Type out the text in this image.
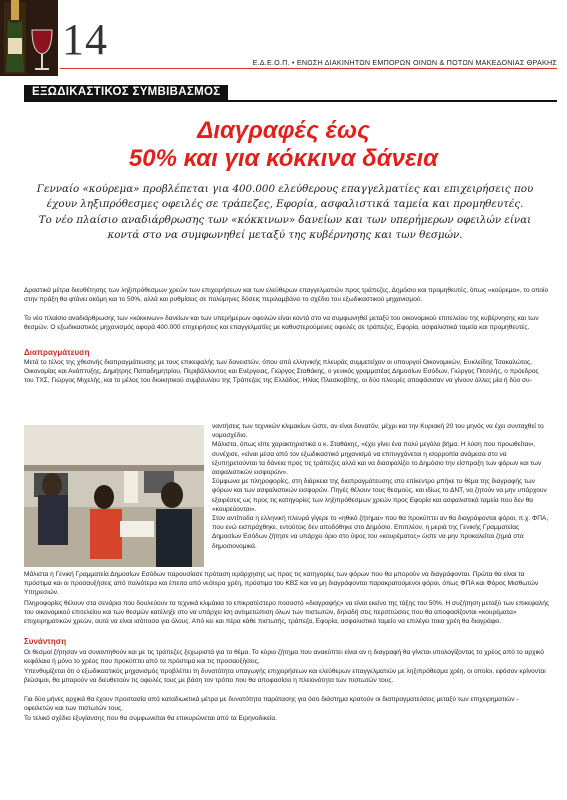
14	Ε.Δ.Ε.Ο.Π. • ΕΝΩΣΗ ΔΙΑΚΙΝΗΤΩΝ ΕΜΠΟΡΩΝ ΟΙΝΩΝ & ΠΟΤΩΝ ΜΑΚΕΔΟΝΙΑΣ ΘΡΑΚΗΣ
ΕΞΩΔΙΚΑΣΤΙΚΟΣ ΣΥΜΒΙΒΑΣΜΟΣ
Διαγραφές έως
50% και για κόκκινα δάνεια
Γενναίο «κούρεμα» προβλέπεται για 400.000 ελεύθερους επαγγελματίες και επιχειρήσεις που έχουν ληξιπρόθεσμες οφειλές σε τράπεζες, Εφορία, ασφαλιστικά ταμεία και προμηθευτές.
Το νέο πλαίσιο αναδιάρθρωσης των «κόκκινων» δανείων και των υπερήμερων οφειλών είναι κοντά στο να συμφωνηθεί μεταξύ της κυβέρνησης και των θεσμών.
Δραστικά μέτρα διευθέτησης των ληξιπρόθεσμων χρεών των επιχειρήσεων και των ελεύθερων επαγγελματιών προς τράπεζες, Δημόσιο και προμηθευτές, όπως «κούρεμα», το οποίο στην πράξη θα φτάνει ακόμη και το 50%, αλλά και ρυθμίσεις σε πολύμηνες δόσεις περιλαμβάνει το σχέδιο του εξωδικαστικού μηχανισμού.
Το νέο πλαίσιο αναδιάρθρωσης των «κόκκινων» δανείων και των υπερήμερων οφειλών είναι κοντά στο να συμφωνηθεί μεταξύ του οικονομικού επιτελείου της κυβέρνησης και των θεσμών. Ο εξωδικαστικός μηχανισμός αφορά 400.000 επιχειρήσεις και επαγγελματίες με καθυστερούμενες οφειλές σε τράπεζες, Εφορία, ασφαλιστικά ταμεία και προμηθευτές.
Διαπραγμάτευση
Μετά το τέλος της χθεσινής διαπραγμάτευσης με τους επικεφαλής των δανειστών, όπου από ελληνικής πλευράς συμμετείχαν οι υπουργοί Οικονομικών, Ευκλείδης Τσακαλώτος, Οικονομίας και Ανάπτυξης, Δημήτρης Παπαδημητρίου, Περιβάλλοντος και Ενέργειας, Γιώργος Σταθάκης, ο γενικός γραμματέας Δημοσίων Εσόδων, Γιώργος Πιτσιλής, ο πρόεδρος του ΤΧΣ, Γιώργος Μιχελής, και το μέλος του διοικητικού συμβουλίου της Τράπεζας της Ελλάδος, Ηλίας Πλασκοβίτης, οι δύο πλευρές αποφάσισαν να γίνουν άλλες μία ή δύο συ-
ναντήσεις των τεχνικών κλιμακίων ώστε, αν είναι δυνατόν, μέχρι και την Κυριακή 20 του μηνός να έχει συνταχθεί το νομοσχέδιο.
Μάλιστα, όπως είπε χαρακτηριστικά ο κ. Σταθάκης, «έχει γίνει ένα πολύ μεγάλο βήμα. Η λύση που προωθείται», συνέχισε, «είναι μέσα από τον εξωδικαστικό μηχανισμό να επιτυγχάνεται η ισορροπία ανάμεσα στο να εξυπηρετούνται τα δάνεια προς τις τράπεζες αλλά και να διασφαλίζει το Δημόσιο την είσπραξη των φόρων και των ασφαλιστικών εισφορών».
Σύμφωνα με πληροφορίες, στη διάρκεια της διαπραγμάτευσης στο επίκεντρο μπήκε το θέμα της διαγραφής των φόρων και των ασφαλιστικών εισφορών. Πηγές θέλουν τους θεσμούς, και ιδίως το ΔΝΤ, να ζητούν να μην υπάρχουν εξαιρέσεις ως προς τις κατηγορίες των ληξιπρόθεσμων χρεών προς Εφορία και ασφαλιστικά ταμεία που δεν θα «κουρεύονται».
Στον αντίποδα η ελληνική πλευρά γίγερε το «ηθικό ζήτημα» που θα προκύπτει αν θα διαγράφονται φόροι, π.χ. ΦΠΑ, που ενώ εισπράχθηκε, εντούτοις δεν αποδόθηκε στο Δημόσιο. Επιπλέον, η μεριά της Γενικής Γραμματείας Δημοσίων Εσόδων ζήτησε να υπάρχει όριο στο ύψος του «κουρέματος» ώστε να μην προκαλείται ζημιά στα δημοσιονομικά.
Μάλιστα η Γενική Γραμματεία Δημοσίων Εσόδων παρουσίασε πρόταση ιεράρχησης ως προς τις κατηγορίες των φόρων που θα μπορούν να διαγράφονται. Πρώτα θα είναι τα πρόστιμα και οι προσαυξήσεις από παλιότερα και έπειτα από νεότερα χρέη, πρόστιμα του ΚΒΣ και να μη διαγράφονται παρακρατούμενοι φόροι, όπως ΦΠΑ και Φόρος Μισθωτών Υπηρεσιών.
Πληροφορίες θέλουν στα σενάρια που δουλεύουν τα τεχνικά κλιμάκια το επικρατέστερο ποσοστό «διαγραφής» να είναι εκείνο της τάξης του 50%. Η συζήτηση μεταξύ των επικεφαλής του οικονομικού επιτελείου και των θεσμών κατέληξε στο να υπάρχει ίση αντιμετώπιση όλων των πιστωτών, δηλαδή στις περιπτώσεις που θα αποφασίζονται «κουρέματα» επιχειρηματικών χρεών, αυτά να είναι ισόποσα για όλους. Από κει και πέρα κάθε πιστωτής, τράπεζα, Εφορία, ασφαλιστικό ταμείο να επιλέγει ποια χρέη θα διαγράφει.
Συνάντηση
Οι θεσμοί ζήτησαν να συναντηθούν και με τις τράπεζες ξεχωριστά για το θέμα. Το κύριο ζήτημα που ανακύπτει είναι αν η διαγραφή θα γίνεται υπολογίζοντας το χρέος από το αρχικό κεφάλαιο ή μόνο το χρέος που προκύπτει από τα πρόστιμα και τις προσαυξήσεις.
Υπενθυμίζεται ότι ο εξωδικαστικός μηχανισμός προβλέπει τη δυνατότητα υπαγωγής επιχειρήσεων και ελεύθερων επαγγελματιών με ληξιπρόθεσμα χρέη, οι οποίοι, εφόσον κρίνονται βιώσιμοι, θα μπορούν να διευθετούν τις οφειλές τους με βάση τον τρόπο που θα αποφασίσει η πλειονότητα των πιστωτών τους.
Για δύο μήνες αρχικά θα έχουν προστασία από καταδιωκτικά μέτρα με δυνατότητα παράτασης για όσο διάστημα κρατούν οι διαπραγματεύσεις μεταξύ των επιχειρηματιών - οφειλετών και των πιστωτών τους.
Το τελικό σχέδιο εξυγίανσης που θα συμφωνείται θα επικυρώνεται από τα Ειρηνοδικεία.
